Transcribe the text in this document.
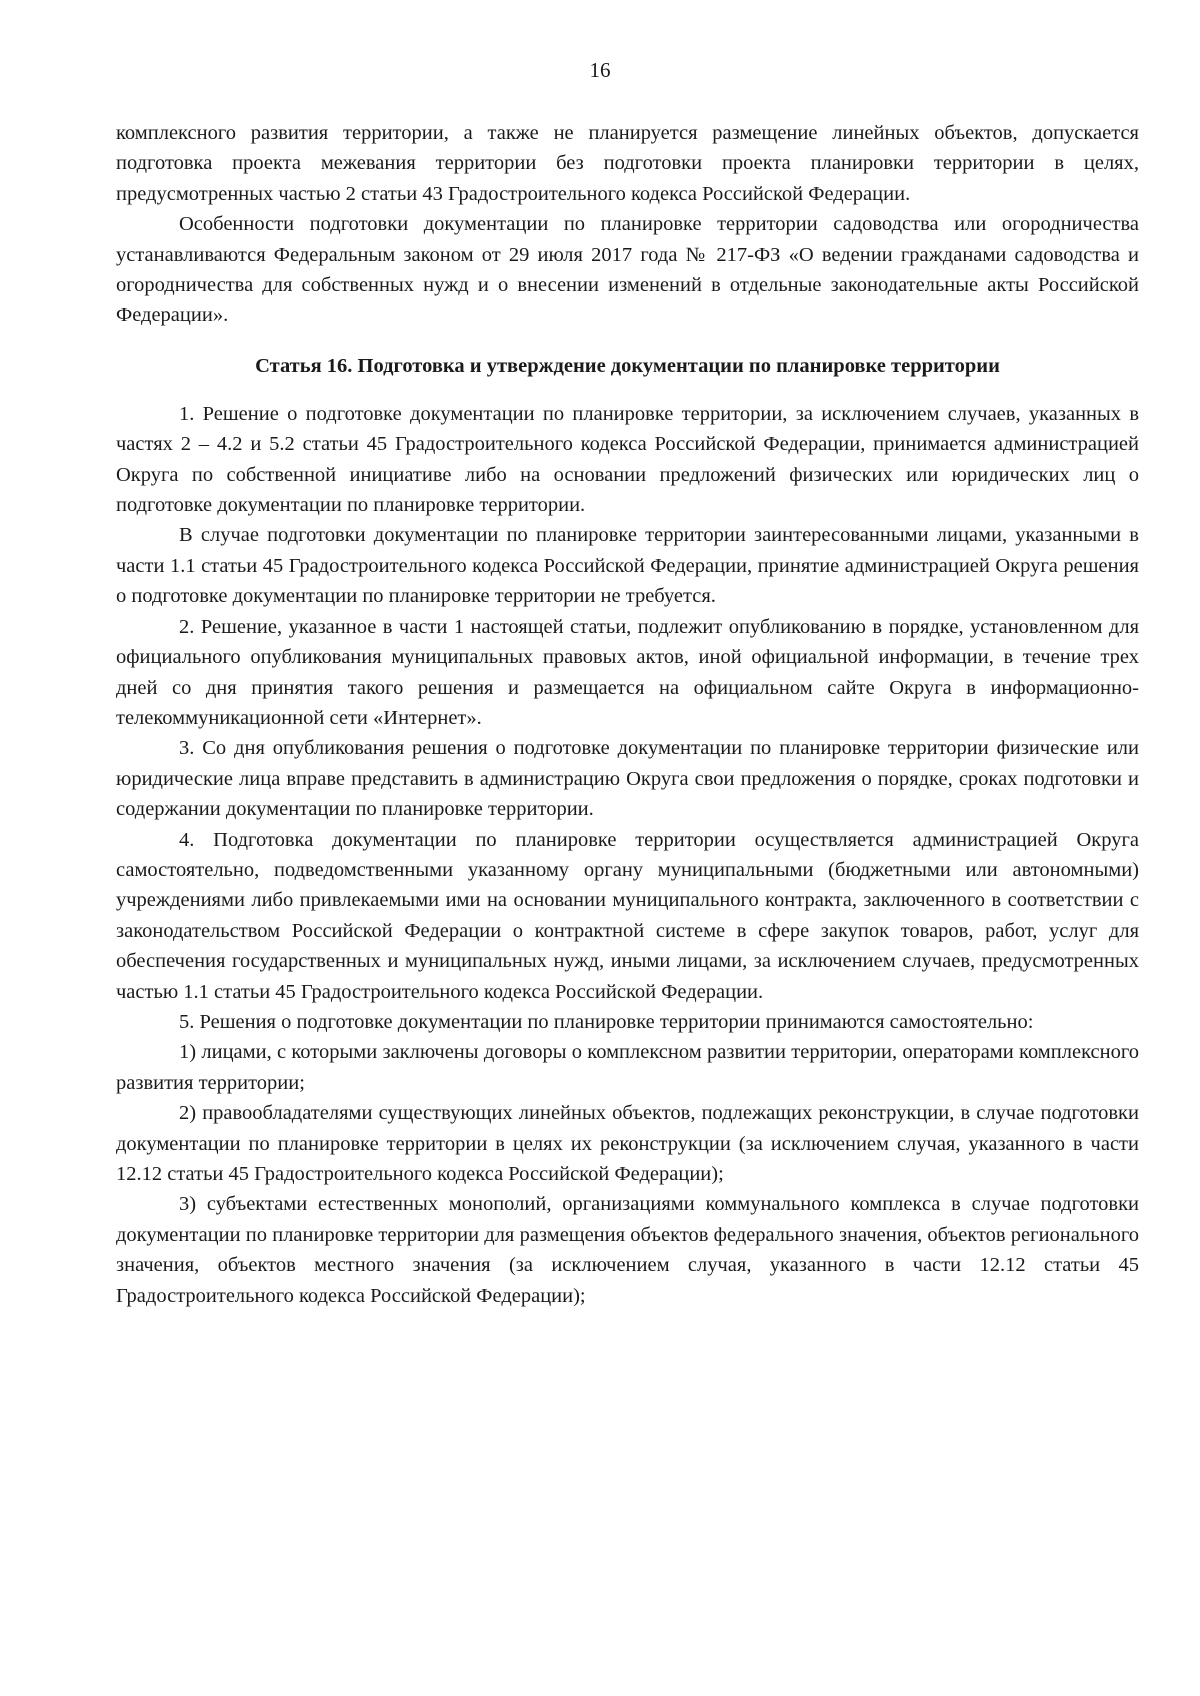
16

комплексного развития территории, а также не планируется размещение линейных объектов, допускается подготовка проекта межевания территории без подготовки проекта планировки территории в целях, предусмотренных частью 2 статьи 43 Градостроительного кодекса Российской Федерации.

Особенности подготовки документации по планировке территории садоводства или огородничества устанавливаются Федеральным законом от 29 июля 2017 года № 217-ФЗ «О ведении гражданами садоводства и огородничества для собственных нужд и о внесении изменений в отдельные законодательные акты Российской Федерации».

Статья 16. Подготовка и утверждение документации по планировке территории

1. Решение о подготовке документации по планировке территории, за исключением случаев, указанных в частях 2 – 4.2 и 5.2 статьи 45 Градостроительного кодекса Российской Федерации, принимается администрацией Округа по собственной инициативе либо на основании предложений физических или юридических лиц о подготовке документации по планировке территории.

В случае подготовки документации по планировке территории заинтересованными лицами, указанными в части 1.1 статьи 45 Градостроительного кодекса Российской Федерации, принятие администрацией Округа решения о подготовке документации по планировке территории не требуется.

2. Решение, указанное в части 1 настоящей статьи, подлежит опубликованию в порядке, установленном для официального опубликования муниципальных правовых актов, иной официальной информации, в течение трех дней со дня принятия такого решения и размещается на официальном сайте Округа в информационно-телекоммуникационной сети «Интернет».

3. Со дня опубликования решения о подготовке документации по планировке территории физические или юридические лица вправе представить в администрацию Округа свои предложения о порядке, сроках подготовки и содержании документации по планировке территории.

4. Подготовка документации по планировке территории осуществляется администрацией Округа самостоятельно, подведомственными указанному органу муниципальными (бюджетными или автономными) учреждениями либо привлекаемыми ими на основании муниципального контракта, заключенного в соответствии с законодательством Российской Федерации о контрактной системе в сфере закупок товаров, работ, услуг для обеспечения государственных и муниципальных нужд, иными лицами, за исключением случаев, предусмотренных частью 1.1 статьи 45 Градостроительного кодекса Российской Федерации.

5. Решения о подготовке документации по планировке территории принимаются самостоятельно:

1) лицами, с которыми заключены договоры о комплексном развитии территории, операторами комплексного развития территории;

2) правообладателями существующих линейных объектов, подлежащих реконструкции, в случае подготовки документации по планировке территории в целях их реконструкции (за исключением случая, указанного в части 12.12 статьи 45 Градостроительного кодекса Российской Федерации);

3) субъектами естественных монополий, организациями коммунального комплекса в случае подготовки документации по планировке территории для размещения объектов федерального значения, объектов регионального значения, объектов местного значения (за исключением случая, указанного в части 12.12 статьи 45 Градостроительного кодекса Российской Федерации);
